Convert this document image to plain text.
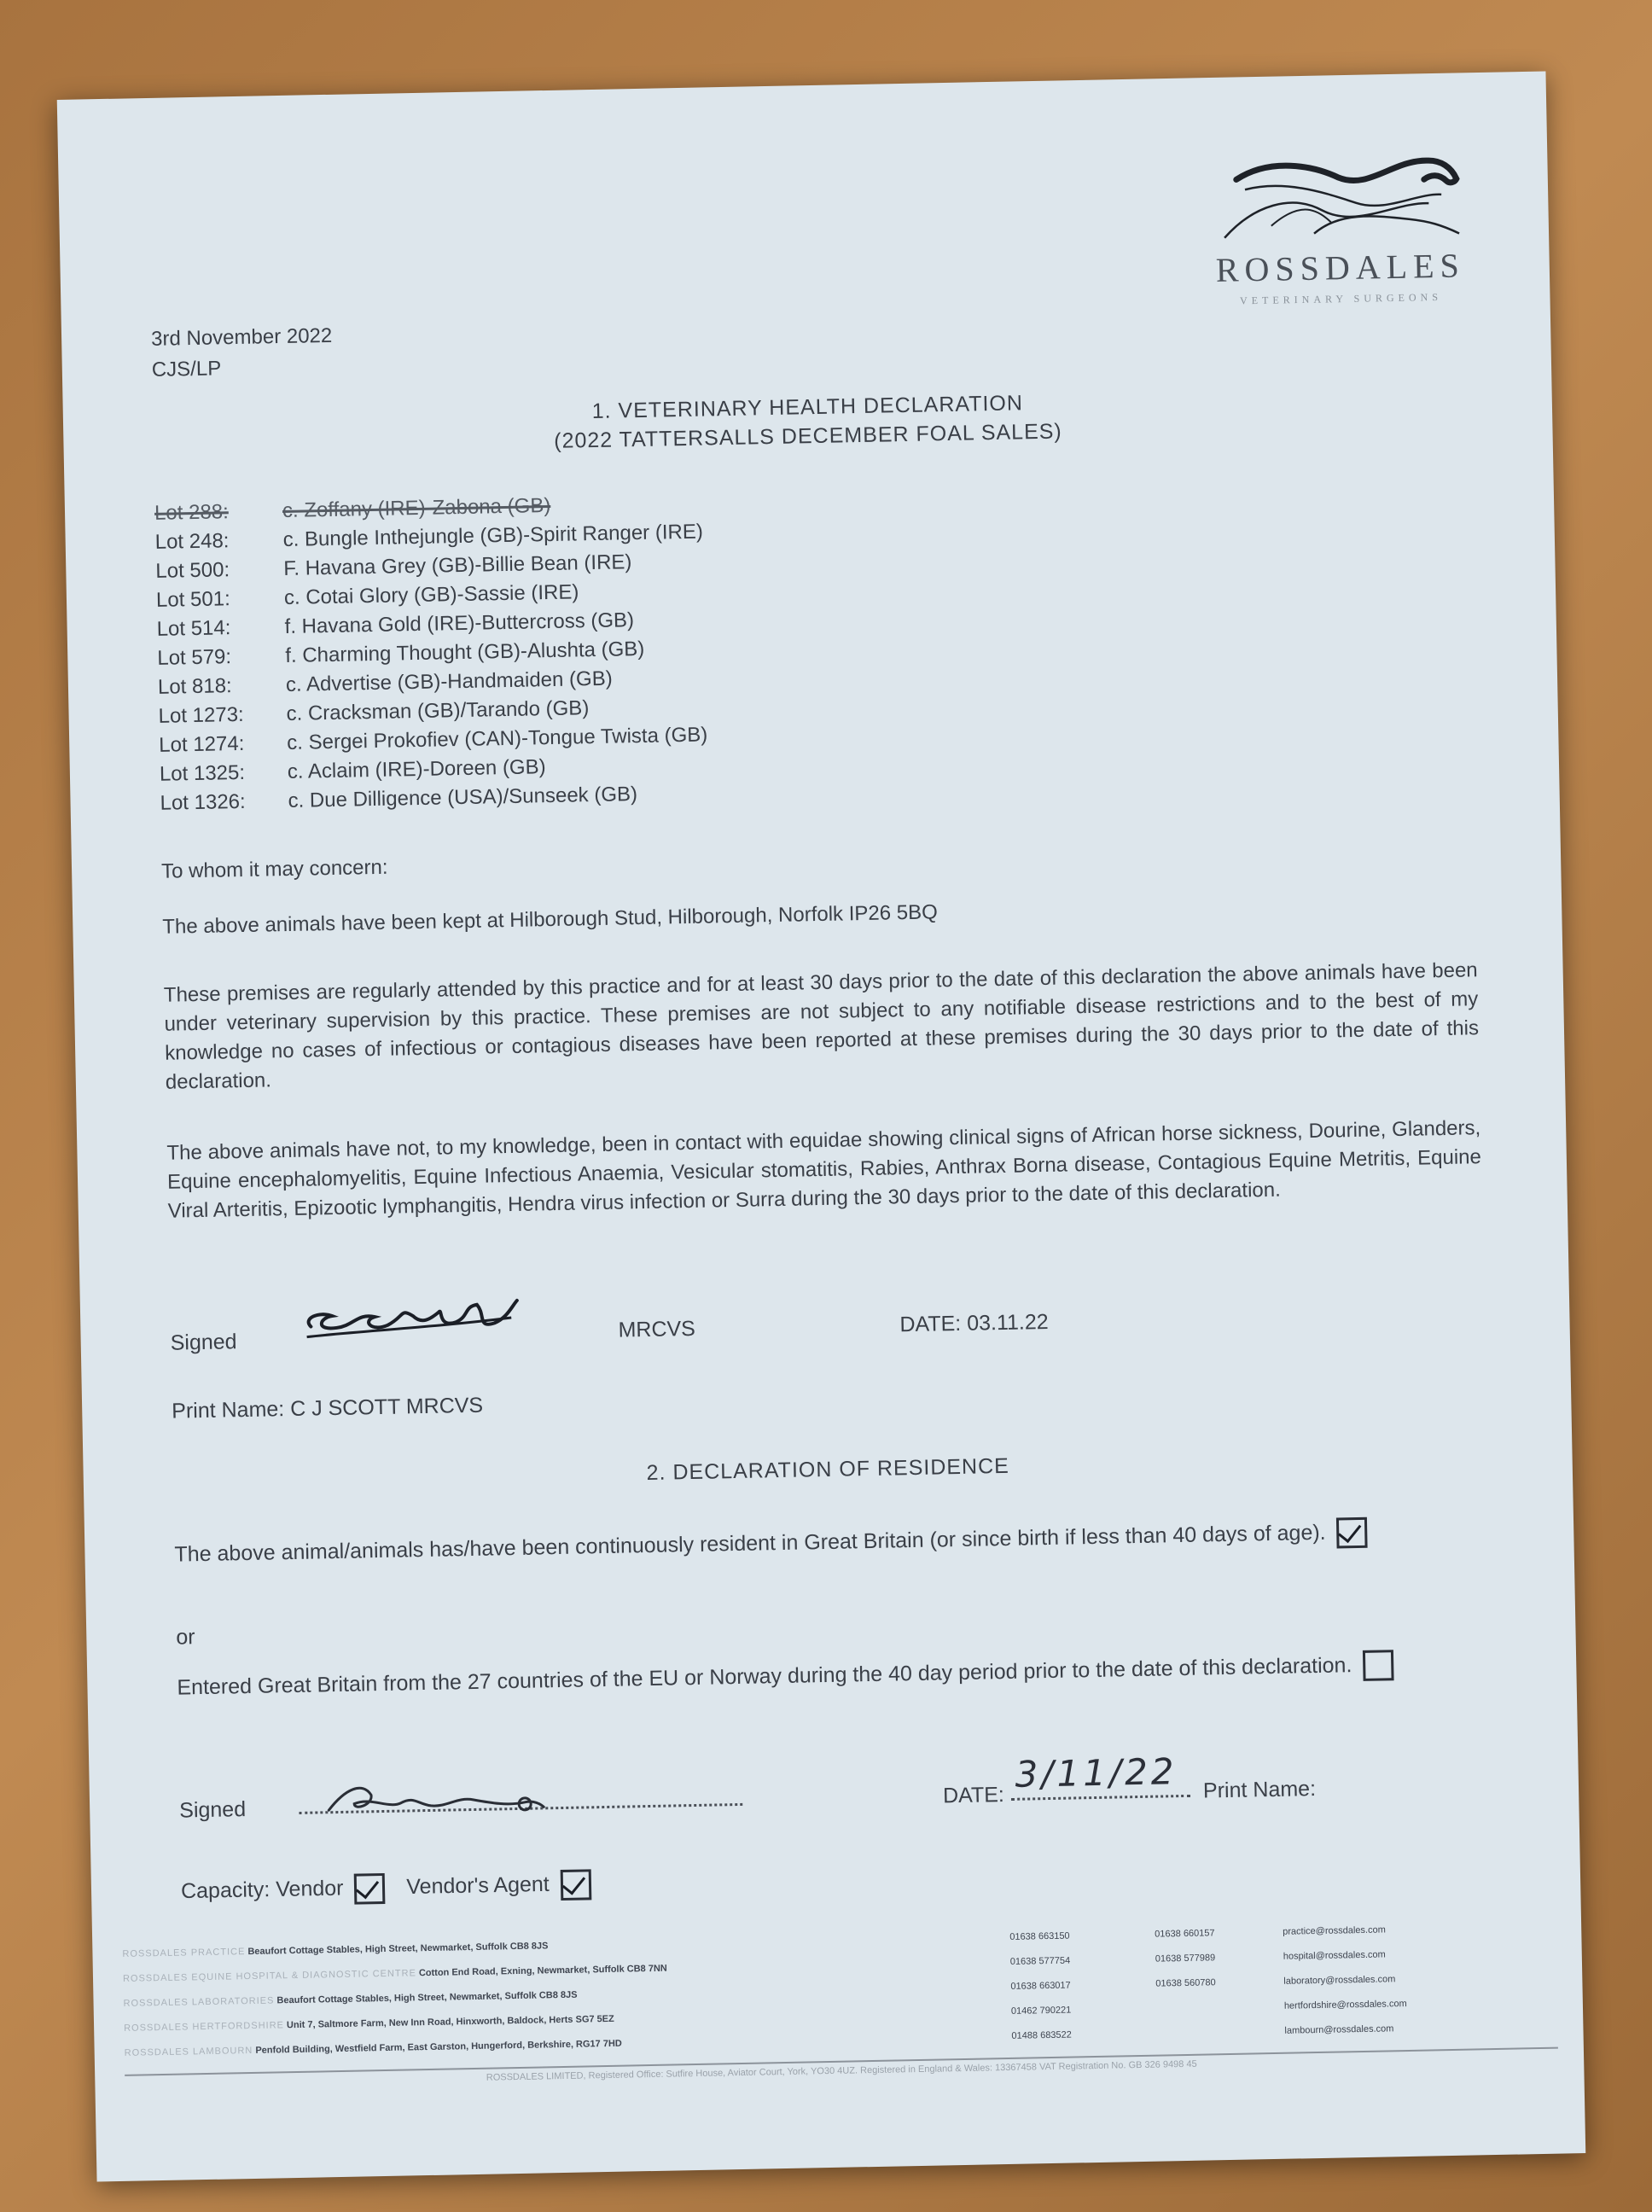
ROSSDALES
VETERINARY SURGEONS
3rd November 2022
CJS/LP
1. VETERINARY HEALTH DECLARATION
(2022 TATTERSALLS DECEMBER FOAL SALES)
Lot 288:	c. Zoffany (IRE)-Zabona (GB)
Lot 248:	c. Bungle Inthejungle (GB)-Spirit Ranger (IRE)
Lot 500:	F. Havana Grey (GB)-Billie Bean (IRE)
Lot 501:	c. Cotai Glory (GB)-Sassie (IRE)
Lot 514:	f. Havana Gold (IRE)-Buttercross (GB)
Lot 579:	f. Charming Thought (GB)-Alushta (GB)
Lot 818:	c. Advertise (GB)-Handmaiden (GB)
Lot 1273:	c. Cracksman (GB)/Tarando (GB)
Lot 1274:	c. Sergei Prokofiev (CAN)-Tongue Twista (GB)
Lot 1325:	c. Aclaim (IRE)-Doreen (GB)
Lot 1326:	c. Due Dilligence (USA)/Sunseek (GB)
To whom it may concern:
The above animals have been kept at Hilborough Stud, Hilborough, Norfolk IP26 5BQ
These premises are regularly attended by this practice and for at least 30 days prior to the date of this declaration the above animals have been under veterinary supervision by this practice. These premises are not subject to any notifiable disease restrictions and to the best of my knowledge no cases of infectious or contagious diseases have been reported at these premises during the 30 days prior to the date of this declaration.
The above animals have not, to my knowledge, been in contact with equidae showing clinical signs of African horse sickness, Dourine, Glanders, Equine encephalomyelitis, Equine Infectious Anaemia, Vesicular stomatitis, Rabies, Anthrax Borna disease, Contagious Equine Metritis, Equine Viral Arteritis, Epizootic lymphangitis, Hendra virus infection or Surra during the 30 days prior to the date of this declaration.
Signed
MRCVS	DATE: 03.11.22
Print Name: C J SCOTT MRCVS
2. DECLARATION OF RESIDENCE
The above animal/animals has/have been continuously resident in Great Britain (or since birth if less than 40 days of age).
or
Entered Great Britain from the 27 countries of the EU or Norway during the 40 day period prior to the date of this declaration.
Signed
DATE: 3/11/22 Print Name:
Capacity: Vendor	Vendor's Agent
ROSSDALES PRACTICE Beaufort Cottage Stables, High Street, Newmarket, Suffolk CB8 8JS
01638 663150	01638 660157	practice@rossdales.com
ROSSDALES EQUINE HOSPITAL & DIAGNOSTIC CENTRE Cotton End Road, Exning, Newmarket, Suffolk CB8 7NN
01638 577754	01638 577989	hospital@rossdales.com
ROSSDALES LABORATORIES Beaufort Cottage Stables, High Street, Newmarket, Suffolk CB8 8JS
01638 663017	01638 560780	laboratory@rossdales.com
ROSSDALES HERTFORDSHIRE Unit 7, Saltmore Farm, New Inn Road, Hinxworth, Baldock, Herts SG7 5EZ
01462 790221	hertfordshire@rossdales.com
ROSSDALES LAMBOURN Penfold Building, Westfield Farm, East Garston, Hungerford, Berkshire, RG17 7HD
01488 683522	lambourn@rossdales.com
ROSSDALES LIMITED, Registered Office: Sutfire House, Aviator Court, York, YO30 4UZ. Registered in England & Wales: 13367458 VAT Registration No. GB 326 9498 45
